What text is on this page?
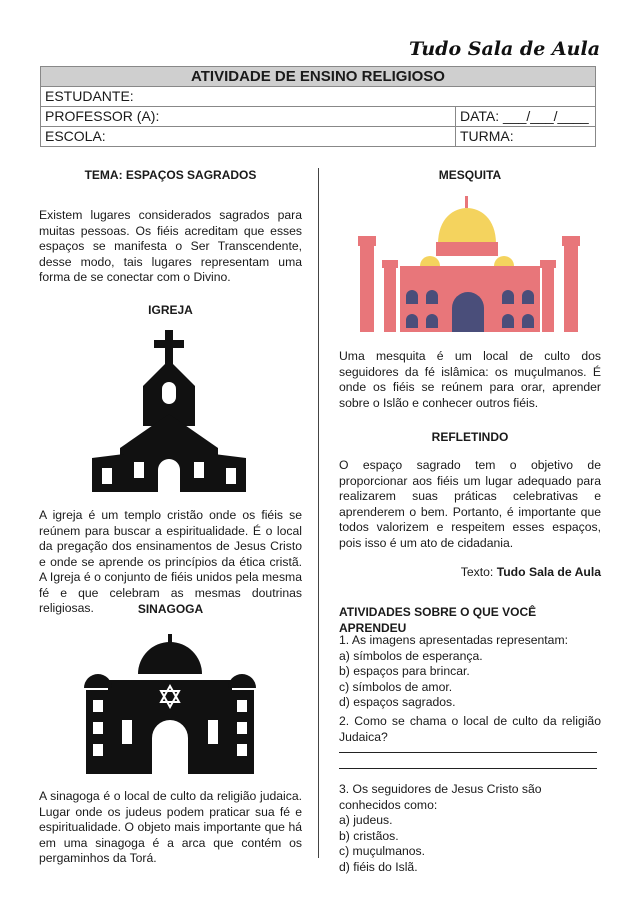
Tudo Sala de Aula
ATIVIDADE DE ENSINO RELIGIOSO	
ESTUDANTE:	
PROFESSOR (A):	DATA: ___/___/____
ESCOLA:	TURMA:
TEMA: ESPAÇOS SAGRADOS
Existem lugares considerados sagrados para muitas pessoas. Os fiéis acreditam que esses espaços se manifesta o Ser Transcendente, desse modo, tais lugares representam uma forma de se conectar com o Divino.
IGREJA
A igreja é um templo cristão onde os fiéis se reúnem para buscar a espiritualidade. É o local da pregação dos ensinamentos de Jesus Cristo e onde se aprende os princípios da ética cristã. A Igreja é o conjunto de fiéis unidos pela mesma fé e que celebram as mesmas doutrinas religiosas.	SINAGOGA
A sinagoga é o local de culto da religião judaica. Lugar onde os judeus podem praticar sua fé e espiritualidade. O objeto mais importante que há em uma sinagoga é a arca que contém os pergaminhos da Torá.
MESQUITA
Uma mesquita é um local de culto dos seguidores da fé islâmica: os muçulmanos. É onde os fiéis se reúnem para orar, aprender sobre o Islão e conhecer outros fiéis.
REFLETINDO
O espaço sagrado tem o objetivo de proporcionar aos fiéis um lugar adequado para realizarem suas práticas celebrativas e aprenderem o bem. Portanto, é importante que todos valorizem e respeitem esses espaços, pois isso é um ato de cidadania.
Texto: Tudo Sala de Aula
ATIVIDADES SOBRE O QUE VOCÊ APRENDEU
1. As imagens apresentadas representam:
a) símbolos de esperança.
b) espaços para brincar.
c) símbolos de amor.
d) espaços sagrados.
2. Como se chama o local de culto da religião Judaica?
3. Os seguidores de Jesus Cristo são conhecidos como:
a) judeus.
b) cristãos.
c) muçulmanos.
d) fiéis do Islã.
